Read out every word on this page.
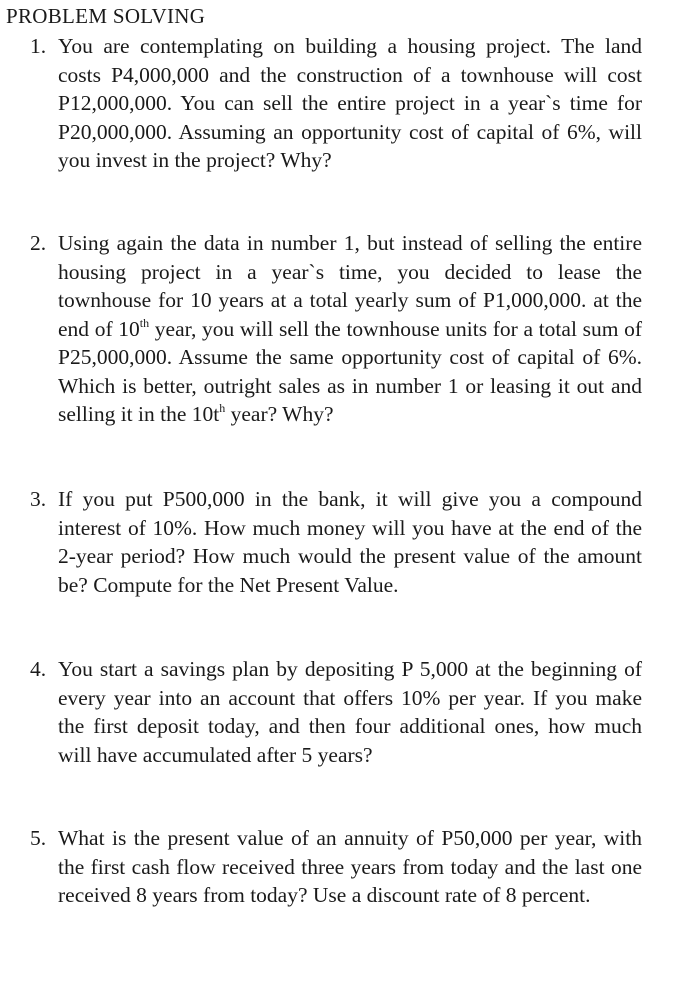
PROBLEM SOLVING
1. You are contemplating on building a housing project. The land costs P4,000,000 and the construction of a townhouse will cost P12,000,000. You can sell the entire project in a year`s time for P20,000,000. Assuming an opportunity cost of capital of 6%, will you invest in the project? Why?
2. Using again the data in number 1, but instead of selling the entire housing project in a year`s time, you decided to lease the townhouse for 10 years at a total yearly sum of P1,000,000. at the end of 10th year, you will sell the townhouse units for a total sum of P25,000,000. Assume the same opportunity cost of capital of 6%. Which is better, outright sales as in number 1 or leasing it out and selling it in the $10t^h$ year? Why?
3. If you put P500,000 in the bank, it will give you a compound interest of 10%. How much money will you have at the end of the 2-year period? How much would the present value of the amount be? Compute for the Net Present Value.
4. You start a savings plan by depositing P 5,000 at the beginning of every year into an account that offers 10% per year. If you make the first deposit today, and then four additional ones, how much will have accumulated after 5 years?
5. What is the present value of an annuity of P50,000 per year, with the first cash flow received three years from today and the last one received 8 years from today? Use a discount rate of 8 percent.
